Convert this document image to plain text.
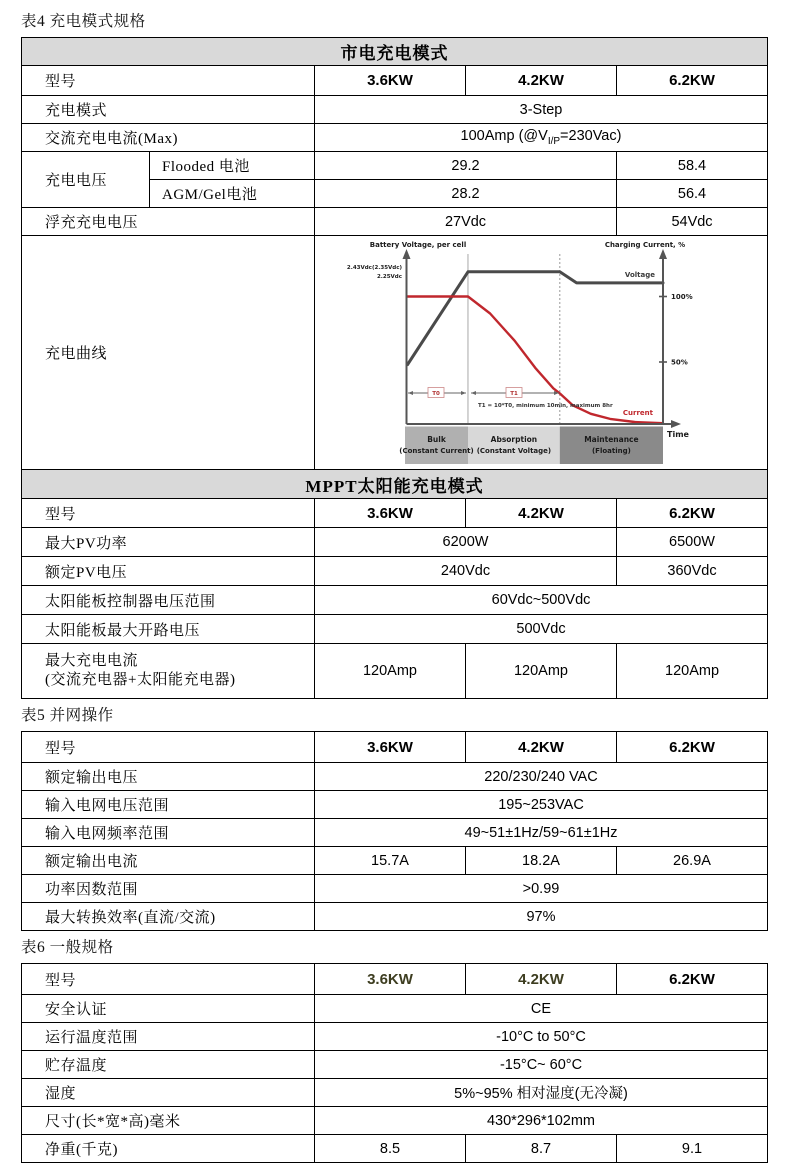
表4 充电模式规格
市电充电模式				
型号		3.6KW	4.2KW	6.2KW
充电模式		3-Step		
交流充电电流(Max)		100Amp $(@V_{I/P}=230Vac)$		
充电电压	Flooded 电池	29.2		58.4
	AGM/Gel电池	28.2		56.4
浮充充电电压		27Vdc		54Vdc
充电曲线	
100%
50%
Bulk
(Constant Current)
Absorption
(Constant Voltage)
Maintenance
(Floating)
Battery Voltage, per cell	Charging Current, %
2.43Vdc(2.35Vdc)
2.25Vdc	Voltage
Current
Time
T0	T1
T1 = 10*T0, minimum 10min, maximum 8hr

MPPT太阳能充电模式				
型号		3.6KW	4.2KW	6.2KW
最大PV功率		6200W		6500W
额定PV电压		240Vdc		360Vdc
太阳能板控制器电压范围		60Vdc~500Vdc		
太阳能板最大开路电压		500Vdc		

最大充电电流
(交流充电器+太阳能充电器)		120Amp	120Amp	120Amp
表5 并网操作
型号	3.6KW	4.2KW	6.2KW
额定输出电压	220/230/240 VAC		
输入电网电压范围	195~253VAC		
输入电网频率范围	49~51±1Hz/59~61±1Hz		
额定输出电流	15.7A	18.2A	26.9A
功率因数范围	>0.99		
最大转换效率(直流/交流)	97%		
表6 一般规格
型号	3.6KW	4.2KW	6.2KW
安全认证	CE		
运行温度范围	-10°C to 50°C		
贮存温度	-15°C~ 60°C		
湿度	5%~95% 相对湿度(无冷凝)		
尺寸(长*宽*高)毫米	430*296*102mm		
净重(千克)	8.5	8.7	9.1
